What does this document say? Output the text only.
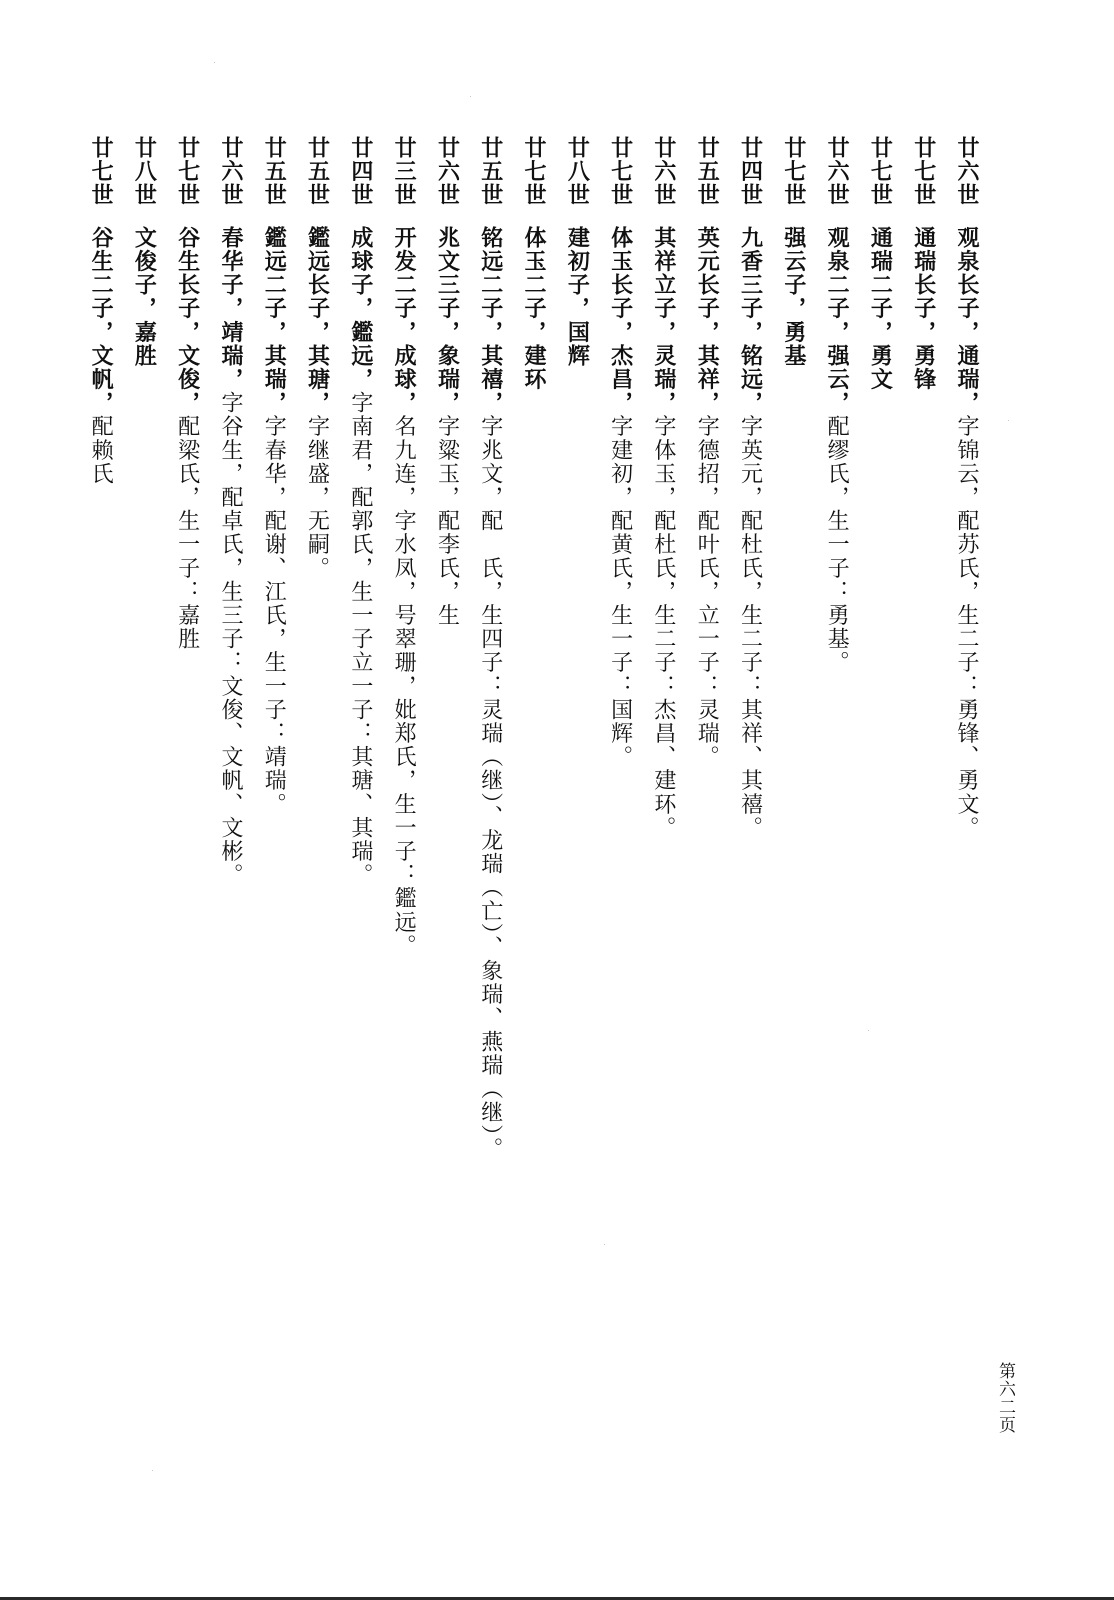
廿六世观泉长子，通瑞，字锦云，配苏氏，生二子：勇锋、勇文。
廿七世通瑞长子，勇锋
廿七世通瑞二子，勇文
廿六世观泉二子，强云，配缪氏，生一子：勇基。
廿七世强云子，勇基
廿四世九香三子，铭远，字英元，配杜氏，生二子：其祥、其禧。
廿五世英元长子，其祥，字德招，配叶氏，立一子：灵瑞。
廿六世其祥立子，灵瑞，字体玉，配杜氏，生二子：杰昌、建环。
廿七世体玉长子，杰昌，字建初，配黄氏，生一子：国辉。
廿八世建初子，国辉
廿七世体玉二子，建环
廿五世铭远二子，其禧，字兆文，配　氏，生四子：灵瑞（继）、龙瑞（亡）、象瑞、燕瑞（继）。
廿六世兆文三子，象瑞，字粱玉，配李氏，生
廿三世开发二子，成球，名九连，字水凤，号翠珊，妣郑氏，生一子：鑑远。
廿四世成球子，鑑远，字南君，配郭氏，生一子立一子：其瑭、其瑞。
廿五世鑑远长子，其瑭，字继盛，无嗣。
廿五世鑑远二子，其瑞，字春华，配谢、江氏，生一子：靖瑞。
廿六世春华子，靖瑞，字谷生，配卓氏，生三子：文俊、文帆、文彬。
廿七世谷生长子，文俊，配梁氏，生一子：嘉胜
廿八世文俊子，嘉胜
廿七世谷生二子，文帆，配赖氏
第六二页
